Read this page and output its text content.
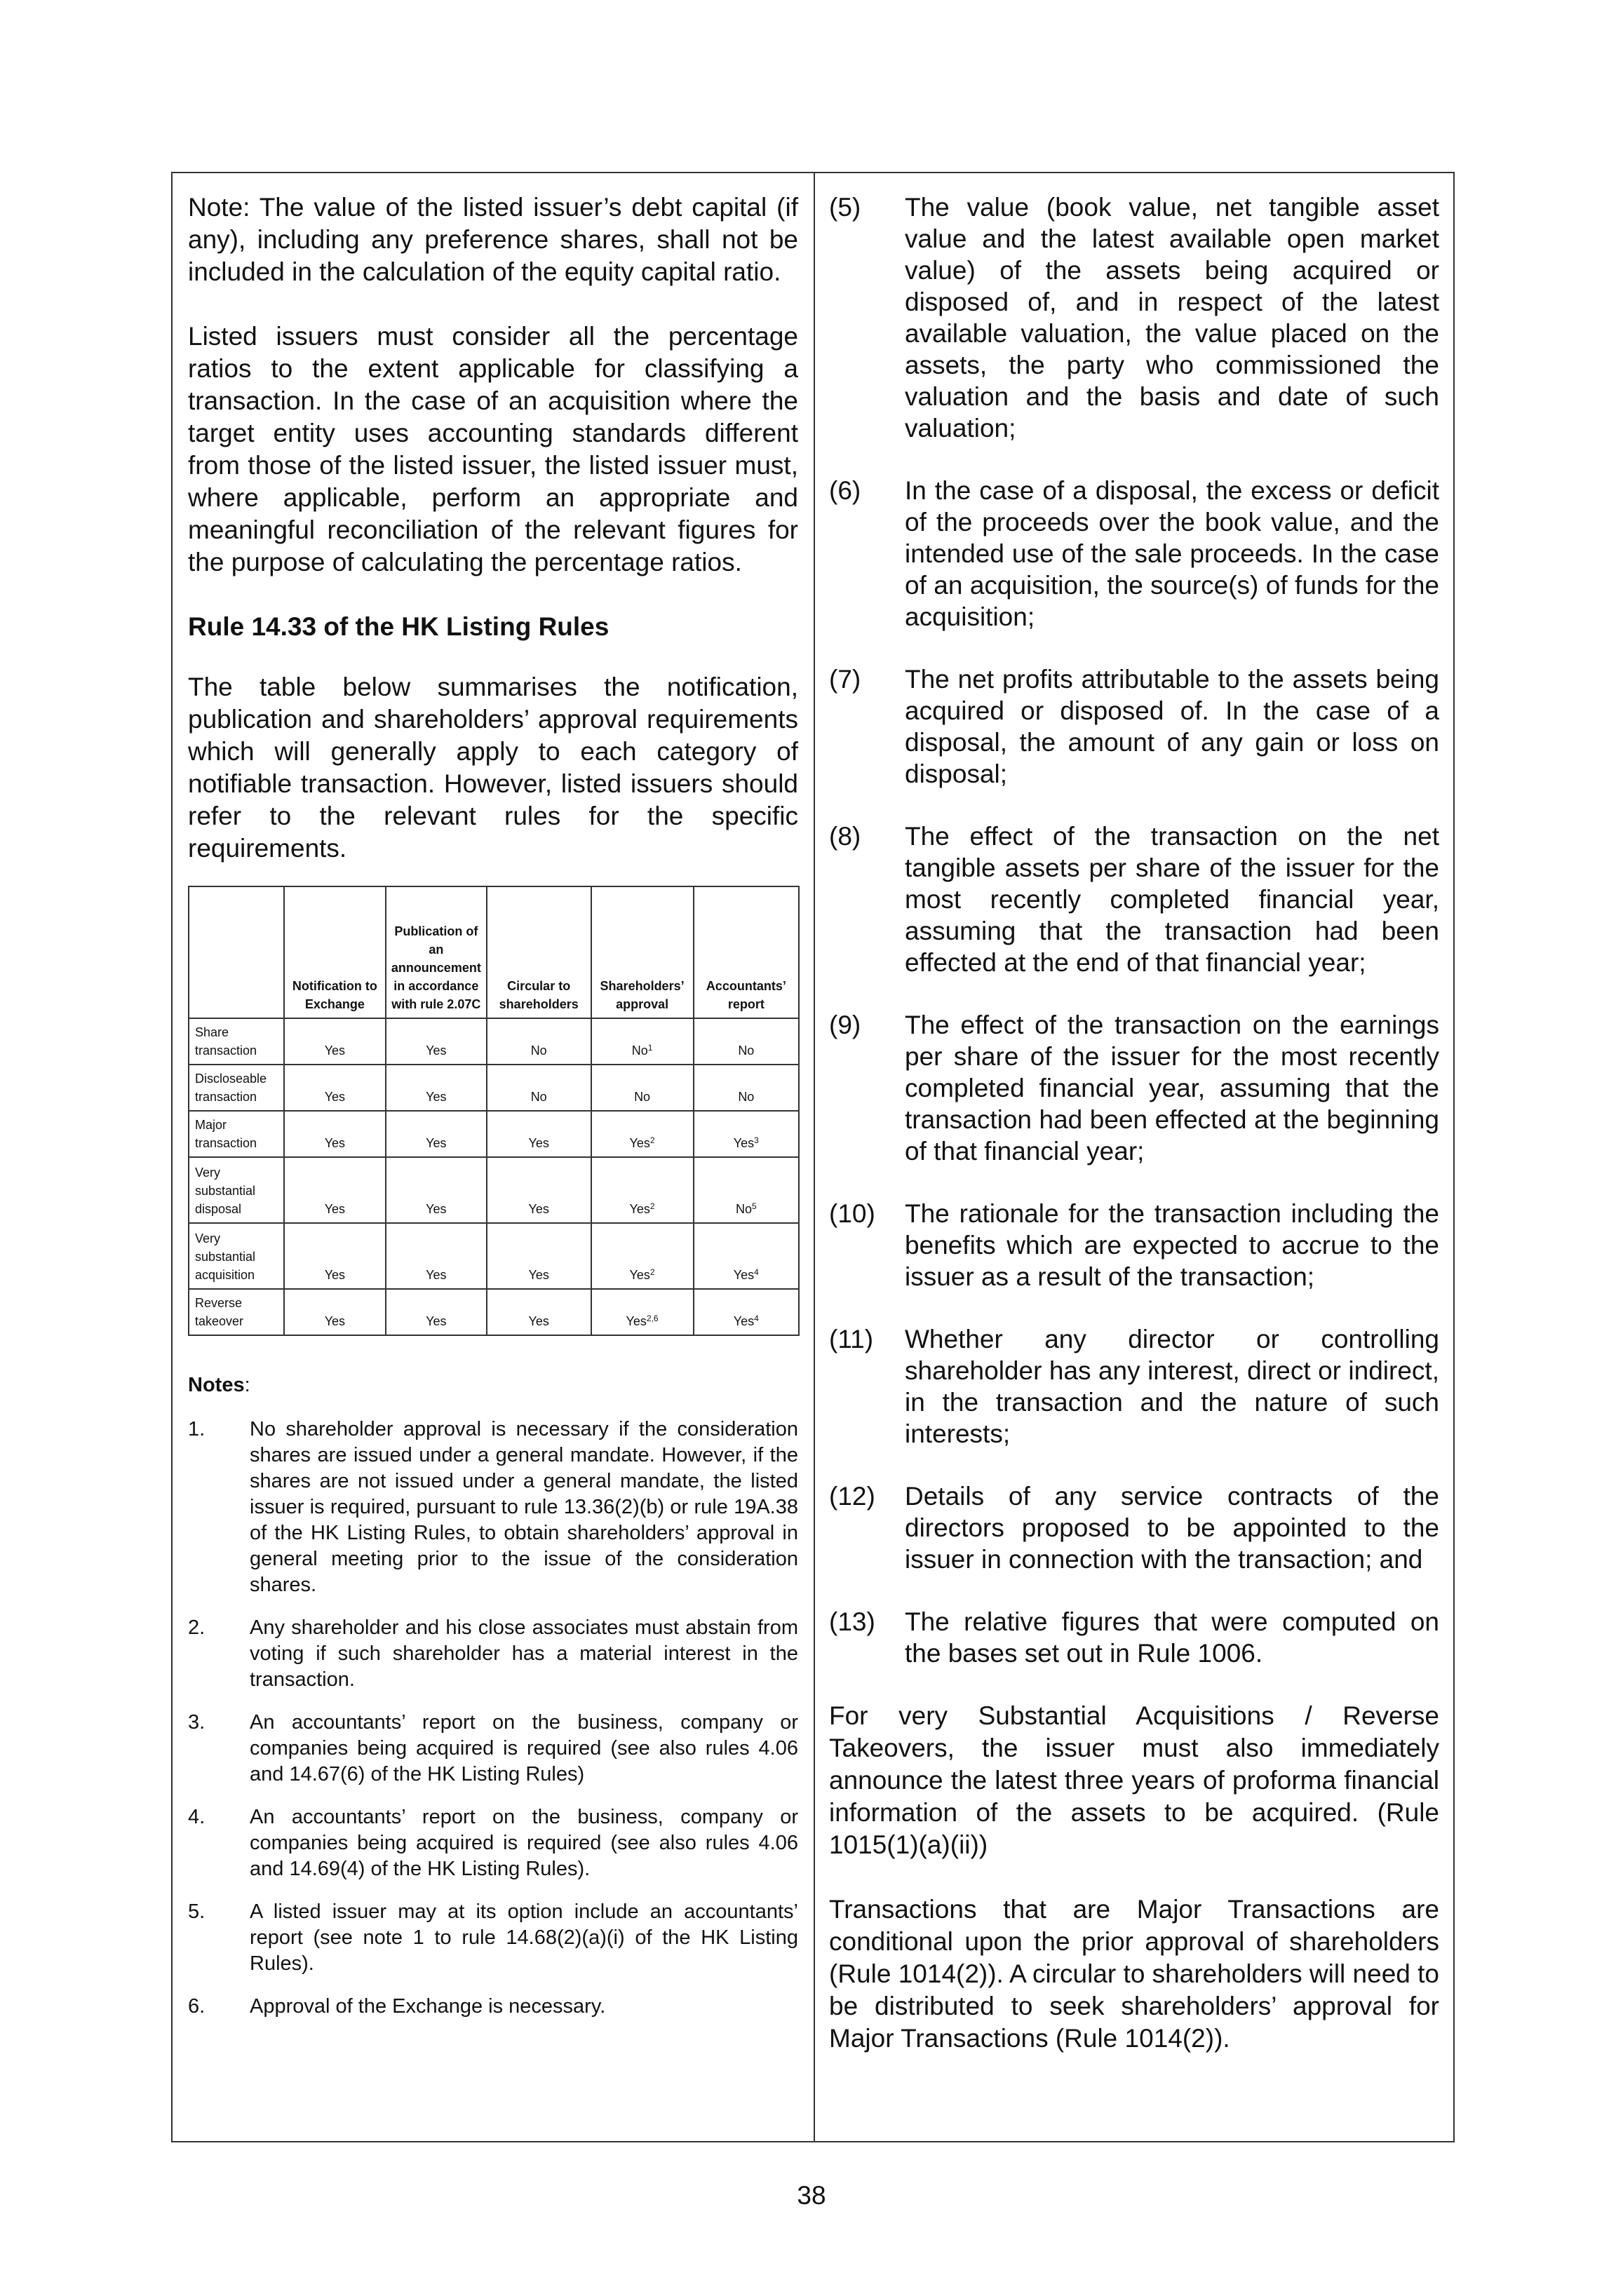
Note: The value of the listed issuer’s debt capital (if any), including any preference shares, shall not be included in the calculation of the equity capital ratio.

Listed issuers must consider all the percentage ratios to the extent applicable for classifying a transaction. In the case of an acquisition where the target entity uses accounting standards different from those of the listed issuer, the listed issuer must, where applicable, perform an appropriate and meaningful reconciliation of the relevant figures for the purpose of calculating the percentage ratios.

Rule 14.33 of the HK Listing Rules

The table below summarises the notification, publication and shareholders’ approval requirements which will generally apply to each category of notifiable transaction. However, listed issuers should refer to the relevant rules for the specific requirements.

	Notification to Exchange	Publication of an announcement in accordance with rule 2.07C	Circular to shareholders	Shareholders’ approval	Accountants’ report
Share transaction	Yes	Yes	No	No$^1$	No
Discloseable transaction	Yes	Yes	No	No	No
Major transaction	Yes	Yes	Yes	Yes$^2$	Yes$^3$
Very substantial disposal	Yes	Yes	Yes	Yes$^2$	No$^5$
Very substantial acquisition	Yes	Yes	Yes	Yes$^2$	Yes$^4$
Reverse takeover	Yes	Yes	Yes	Yes$^{2,6}$	Yes$^4$
Notes:
1.	No shareholder approval is necessary if the consideration shares are issued under a general mandate. However, if the shares are not issued under a general mandate, the listed issuer is required, pursuant to rule 13.36(2)(b) or rule 19A.38 of the HK Listing Rules, to obtain shareholders’ approval in general meeting prior to the issue of the consideration shares.
2.	Any shareholder and his close associates must abstain from voting if such shareholder has a material interest in the transaction.
3.	An accountants’ report on the business, company or companies being acquired is required (see also rules 4.06 and 14.67(6) of the HK Listing Rules)
4.	An accountants’ report on the business, company or companies being acquired is required (see also rules 4.06 and 14.69(4) of the HK Listing Rules).
5.	A listed issuer may at its option include an accountants’ report (see note 1 to rule 14.68(2)(a)(i) of the HK Listing Rules).
6.	Approval of the Exchange is necessary.
(5)	The value (book value, net tangible asset value and the latest available open market value) of the assets being acquired or disposed of, and in respect of the latest available valuation, the value placed on the assets, the party who commissioned the valuation and the basis and date of such valuation;
(6)	In the case of a disposal, the excess or deficit of the proceeds over the book value, and the intended use of the sale proceeds. In the case of an acquisition, the source(s) of funds for the acquisition;
(7)	The net profits attributable to the assets being acquired or disposed of. In the case of a disposal, the amount of any gain or loss on disposal;
(8)	The effect of the transaction on the net tangible assets per share of the issuer for the most recently completed financial year, assuming that the transaction had been effected at the end of that financial year;
(9)	The effect of the transaction on the earnings per share of the issuer for the most recently completed financial year, assuming that the transaction had been effected at the beginning of that financial year;
(10)	The rationale for the transaction including the benefits which are expected to accrue to the issuer as a result of the transaction;
(11)	Whether any director or controlling shareholder has any interest, direct or indirect, in the transaction and the nature of such interests;
(12)	Details of any service contracts of the directors proposed to be appointed to the issuer in connection with the transaction; and
(13)	The relative figures that were computed on the bases set out in Rule 1006.

For very Substantial Acquisitions / Reverse Takeovers, the issuer must also immediately announce the latest three years of proforma financial information of the assets to be acquired. (Rule 1015(1)(a)(ii))

Transactions that are Major Transactions are conditional upon the prior approval of shareholders (Rule 1014(2)). A circular to shareholders will need to be distributed to seek shareholders’ approval for Major Transactions (Rule 1014(2)).

38
